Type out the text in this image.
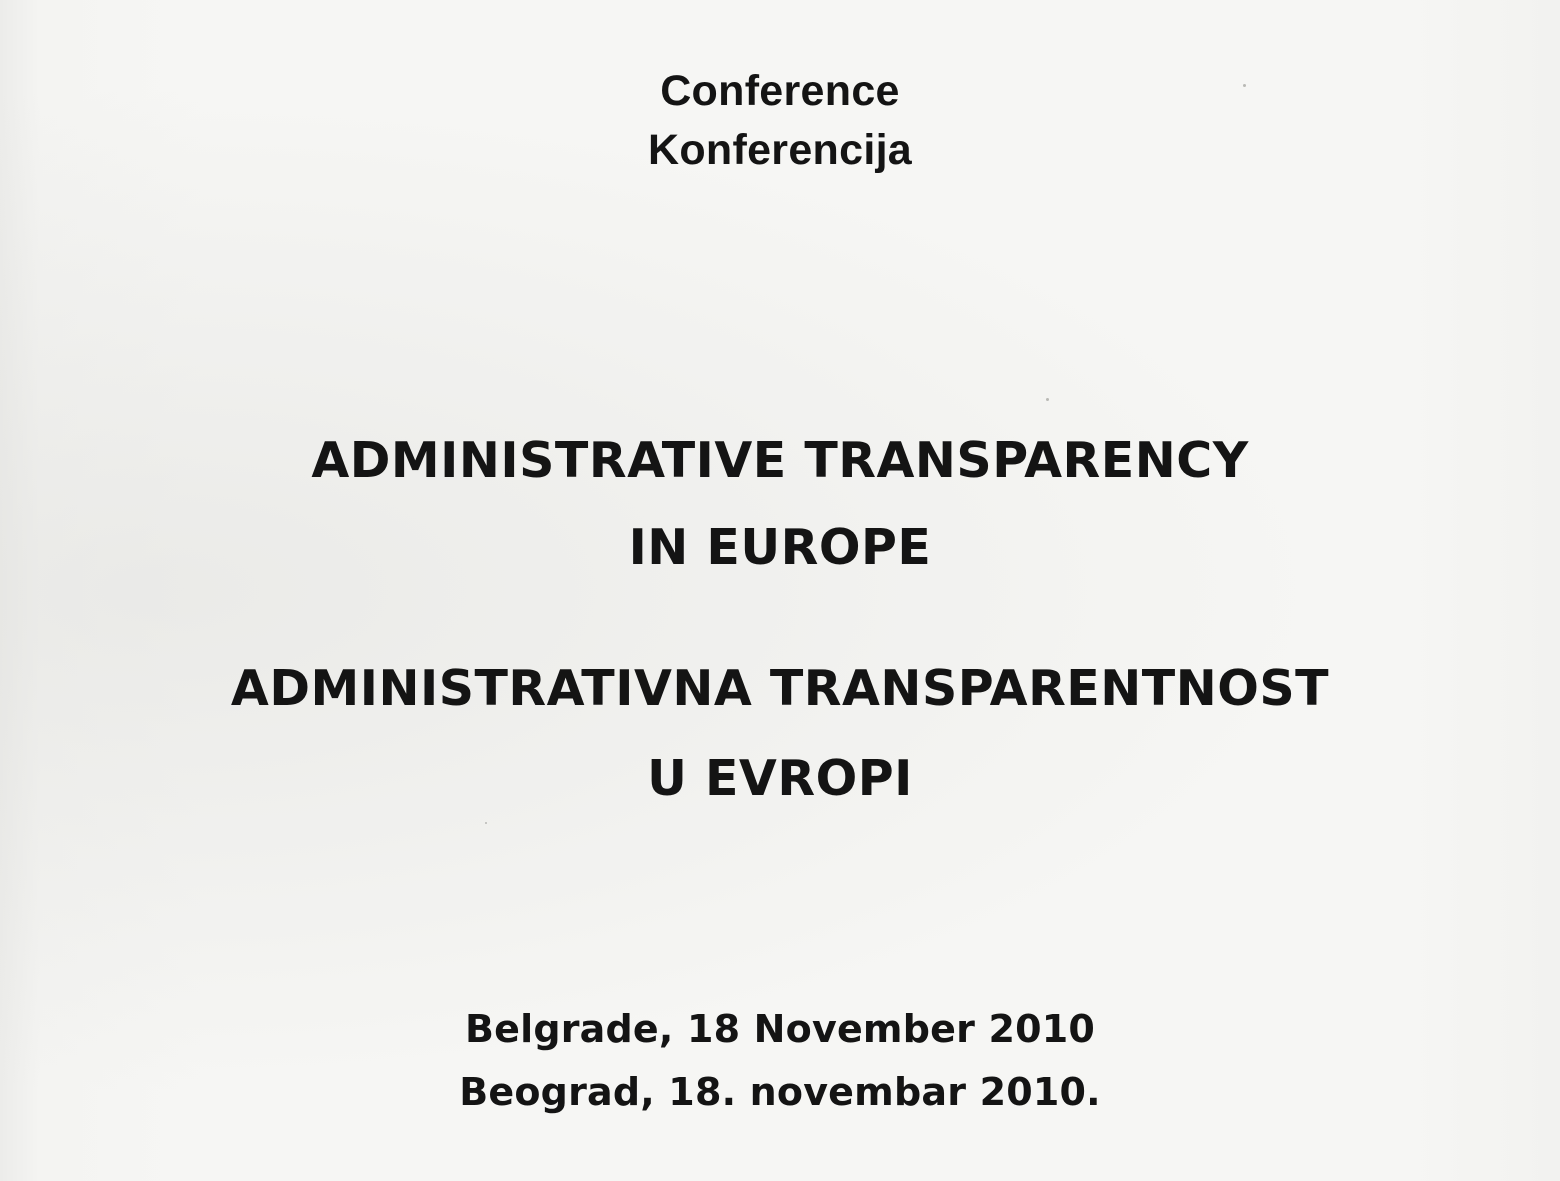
Conference
Konferencija
ADMINISTRATIVE TRANSPARENCY
IN EUROPE
ADMINISTRATIVNA TRANSPARENTNOST
U EVROPI
Belgrade, 18 November 2010
Beograd, 18. novembar 2010.
